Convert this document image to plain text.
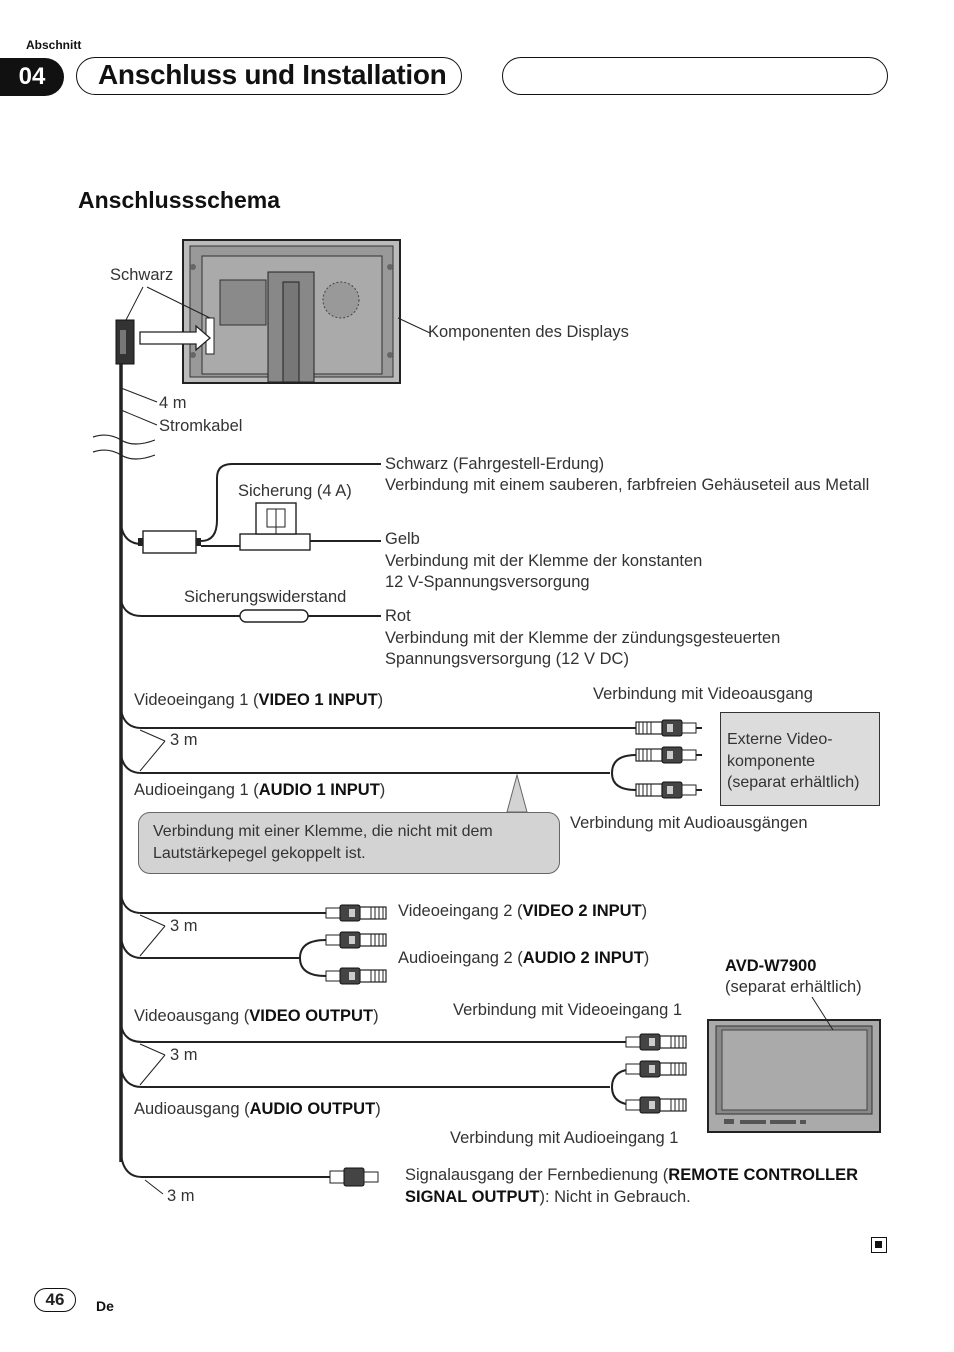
Abschnitt
04	Anschluss und Installation
Anschlussschema
Schwarz
Komponenten des Displays
4 m
Stromkabel
Schwarz (Fahrgestell-Erdung)
Verbindung mit einem sauberen, farbfreien Gehäuseteil aus Metall
Sicherung (4 A)
Gelb
Verbindung mit der Klemme der konstanten
12 V-Spannungsversorgung
Sicherungswiderstand
Rot
Verbindung mit der Klemme der zündungsgesteuerten
Spannungsversorgung (12 V DC)
Videoeingang 1 (VIDEO 1 INPUT)	Verbindung mit Videoausgang
3 m	Externe Video-komponente (separat erhältlich)
Audioeingang 1 (AUDIO 1 INPUT)
Verbindung mit einer Klemme, die nicht mit dem Lautstärkepegel gekoppelt ist.
Verbindung mit Audioausgängen
Videoeingang 2 (VIDEO 2 INPUT)
3 m
Audioeingang 2 (AUDIO 2 INPUT)	AVD-W7900
(separat erhältlich)
Videoausgang (VIDEO OUTPUT)	Verbindung mit Videoeingang 1
3 m
Audioausgang (AUDIO OUTPUT)
Verbindung mit Audioeingang 1
Signalausgang der Fernbedienung (REMOTE CONTROLLER
SIGNAL OUTPUT): Nicht in Gebrauch.
3 m
46	De
